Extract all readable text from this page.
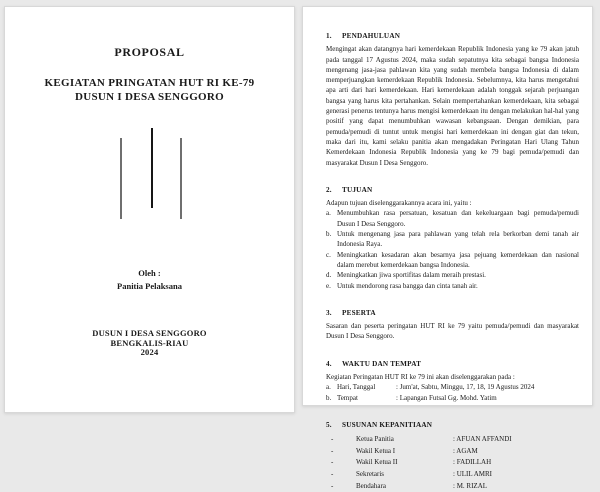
PROPOSAL
KEGIATAN PRINGATAN HUT RI KE-79
DUSUN I DESA SENGGORO
Oleh :
Panitia Pelaksana
DUSUN I DESA SENGGORO
BENGKALIS-RIAU
2024
1.	PENDAHULUAN
Mengingat akan datangnya hari kemerdekaan Republik Indonesia yang ke 79 akan jatuh pada tanggal 17 Agustus 2024, maka sudah sepatutnya kita sebagai bangsa Indonesia mengenang jasa-jasa pahlawan kita yang sudah membela bangsa Indonesia di dalam memperjuangkan kemerdekaan Republik Indonesia. Sebelumnya, kita harus mengetahui apa arti dari hari kemerdekaan. Hari kemerdekaan adalah tonggak sejarah perjuangan bangsa yang harus kita pertahankan. Selain mempertahankan kemerdekaan, kita sebagai generasi penerus tentunya harus mengisi kemerdekaan itu dengan melakukan hal-hal yang positif yang dapat menumbuhkan wawasan kebangsaan. Dengan demikian, para pemuda/pemudi di tuntut untuk mengisi hari kemerdekaan ini dengan giat dan tekun, maka dari itu, kami selaku panitia akan mengadakan Peringatan Hari Ulang Tahun Kemerdekaan Indonesia Republik Indonesia yang ke 79 bagi pemuda/pemudi dan masyarakat Dusun I Desa Senggoro.
2.	TUJUAN
Adapun tujuan diselenggarakannya acara ini, yaitu :
a. Menumbuhkan rasa persatuan, kesatuan dan kekeluargaan bagi pemuda/pemudi Dusun I Desa Senggoro.
b. Untuk mengenang jasa para pahlawan yang telah rela berkorban demi tanah air Indonesia Raya.
c. Meningkatkan kesadaran akan besarnya jasa pejuang kemerdekaan dan nasional dalam merebut kemerdekaan bangsa Indonesia.
d. Meningkatkan jiwa sportifitas dalam meraih prestasi.
e. Untuk mendorong rasa bangga dan cinta tanah air.
3.	PESERTA
Sasaran dan peserta peringatan HUT RI ke 79 yaitu pemuda/pemudi dan masyarakat Dusun I Desa Senggoro.
4.	WAKTU DAN TEMPAT
Kegiatan Peringatan HUT RI ke 79 ini akan diselenggarakan pada :
a. Hari, Tanggal	: Jum'at, Sabtu, Minggu, 17, 18, 19 Agustus 2024
b. Tempat	: Lapangan Futsal Gg. Mohd. Yatim
5.	SUSUNAN KEPANITIAAN
-	Ketua Panitia	: AFUAN AFFANDI
-	Wakil Ketua I	: AGAM
-	Wakil Ketua II	: FADILLAH
-	Sekretaris	: ULIL AMRI
-	Bendahara	: M. RIZAL
